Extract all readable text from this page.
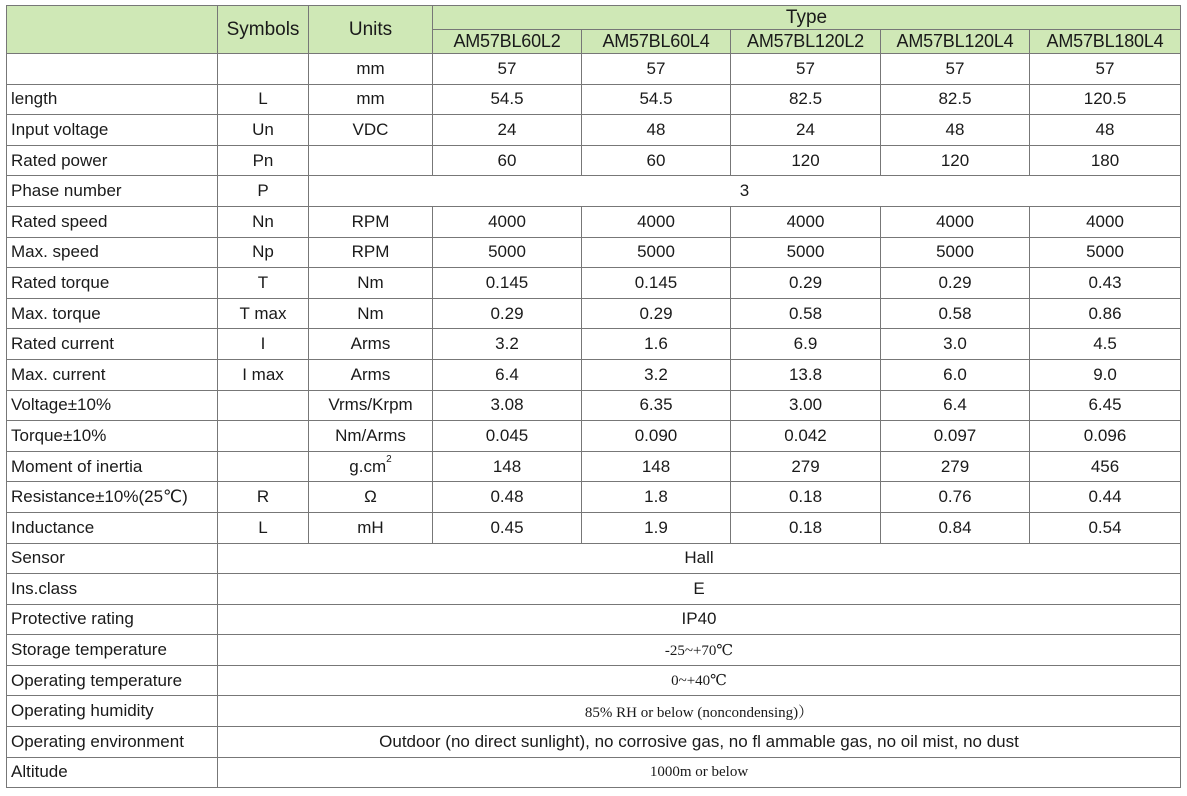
	Symbols	Units	Type				
			AM57BL60L2	AM57BL60L4	AM57BL120L2	AM57BL120L4	AM57BL180L4
		mm	57	57	57	57	57
length	L	mm	54.5	54.5	82.5	82.5	120.5
Input voltage	Un	VDC	24	48	24	48	48
Rated power	Pn		60	60	120	120	180
Phase number	P	3					
Rated speed	Nn	RPM	4000	4000	4000	4000	4000
Max. speed	Np	RPM	5000	5000	5000	5000	5000
Rated torque	T	Nm	0.145	0.145	0.29	0.29	0.43
Max. torque	T max	Nm	0.29	0.29	0.58	0.58	0.86
Rated current	I	Arms	3.2	1.6	6.9	3.0	4.5
Max. current	I max	Arms	6.4	3.2	13.8	6.0	9.0
Voltage±10%		Vrms/Krpm	3.08	6.35	3.00	6.4	6.45
Torque±10%		Nm/Arms	0.045	0.090	0.042	0.097	0.096
Moment of inertia		$g.cm^2$	148	148	279	279	456
Resistance±10%(25℃)	R	Ω	0.48	1.8	0.18	0.76	0.44
Inductance	L	mH	0.45	1.9	0.18	0.84	0.54
Sensor	Hall						
Ins.class	E						
Protective rating	IP40						
Storage temperature	-25~+70℃						
Operating temperature	0~+40℃						
Operating humidity	85% RH or below (noncondensing)）						
Operating environment	Outdoor (no direct sunlight), no corrosive gas, no fl ammable gas, no oil mist, no dust						
Altitude	1000m or below						
